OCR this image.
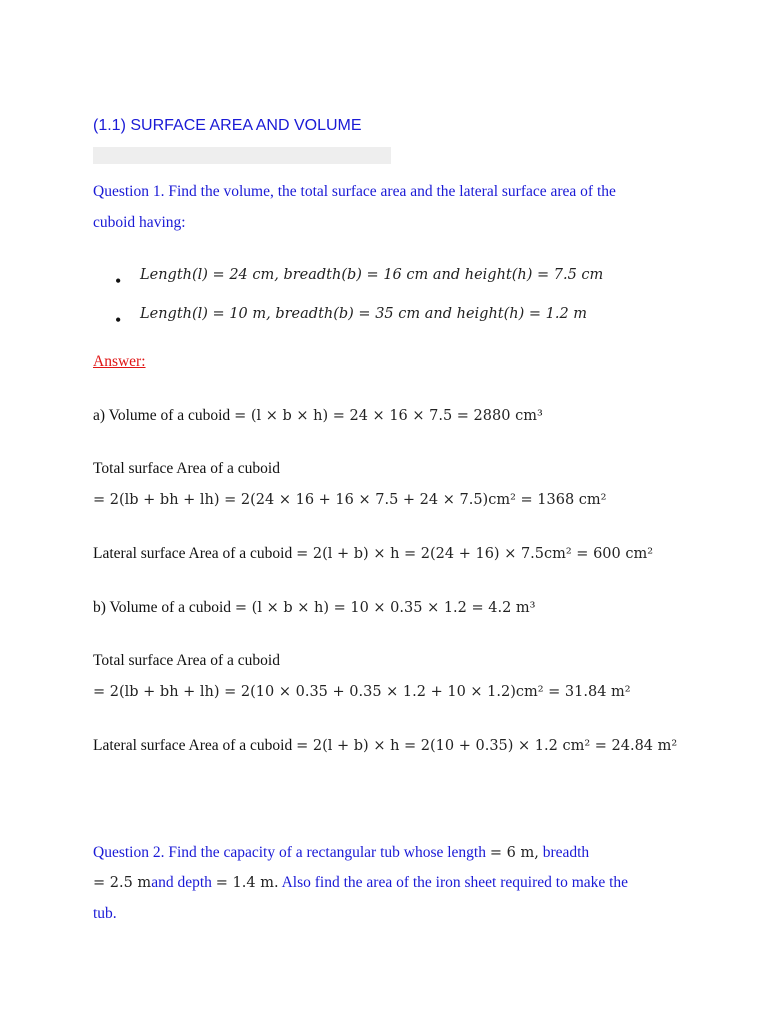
(1.1) SURFACE AREA AND VOLUME
Question 1. Find the volume, the total surface area and the lateral surface area of the
cuboid having:
• Length(l) = 24 cm, breadth(b) = 16 cm and height(h) = 7.5 cm
• Length(l) = 10 m, breadth(b) = 35 cm and height(h) = 1.2 m
Answer:
a) Volume of a cuboid = (l × b × h) = 24 × 16 × 7.5 = 2880 cm³
Total surface Area of a cuboid
= 2(lb + bh + lh) = 2(24 × 16 + 16 × 7.5 + 24 × 7.5)cm² = 1368 cm²
Lateral surface Area of a cuboid = 2(l + b) × h = 2(24 + 16) × 7.5cm² = 600 cm²
b) Volume of a cuboid = (l × b × h) = 10 × 0.35 × 1.2 = 4.2 m³
Total surface Area of a cuboid
= 2(lb + bh + lh) = 2(10 × 0.35 + 0.35 × 1.2 + 10 × 1.2)cm² = 31.84 m²
Lateral surface Area of a cuboid = 2(l + b) × h = 2(10 + 0.35) × 1.2 cm² = 24.84 m²
Question 2. Find the capacity of a rectangular tub whose length = 6 m, breadth
= 2.5 mand depth = 1.4 m. Also find the area of the iron sheet required to make the
tub.
